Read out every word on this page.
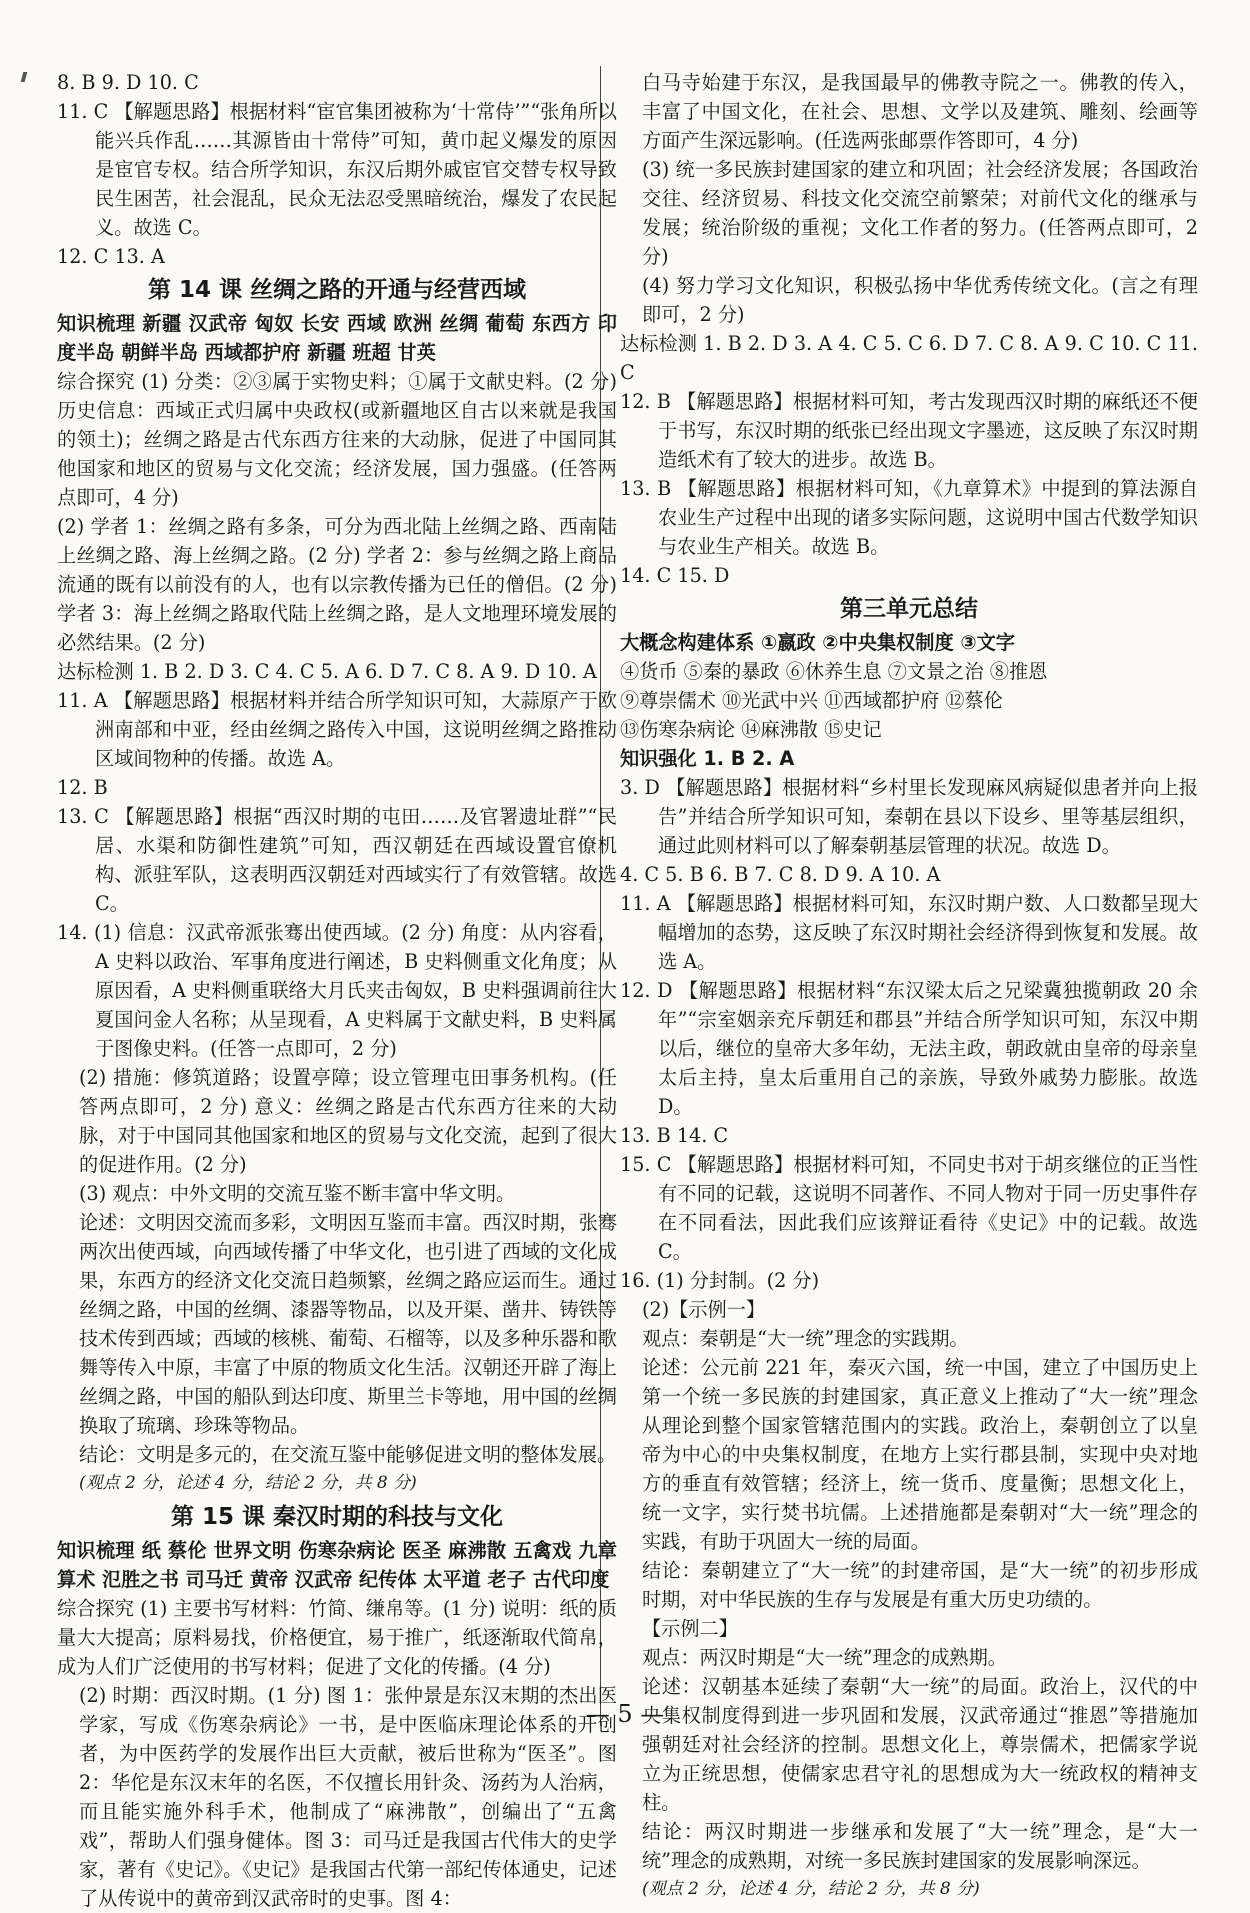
8. B 9. D 10. C

11. C 【解题思路】根据材料“宦官集团被称为‘十常侍’”“张角所以能兴兵作乱……其源皆由十常侍”可知，黄巾起义爆发的原因是宦官专权。结合所学知识，东汉后期外戚宦官交替专权导致民生困苦，社会混乱，民众无法忍受黑暗统治，爆发了农民起义。故选 C。

12. C 13. A

第 14 课 丝绸之路的开通与经营西域

知识梳理 新疆 汉武帝 匈奴 长安 西域 欧洲 丝绸 葡萄 东西方 印度半岛 朝鲜半岛 西域都护府 新疆 班超 甘英

综合探究 (1) 分类：②③属于实物史料；①属于文献史料。(2 分) 历史信息：西域正式归属中央政权(或新疆地区自古以来就是我国的领土)；丝绸之路是古代东西方往来的大动脉，促进了中国同其他国家和地区的贸易与文化交流；经济发展，国力强盛。(任答两点即可，4 分)

(2) 学者 1：丝绸之路有多条，可分为西北陆上丝绸之路、西南陆上丝绸之路、海上丝绸之路。(2 分) 学者 2：参与丝绸之路上商品流通的既有以前没有的人，也有以宗教传播为已任的僧侣。(2 分) 学者 3：海上丝绸之路取代陆上丝绸之路，是人文地理环境发展的必然结果。(2 分)

达标检测 1. B 2. D 3. C 4. C 5. A 6. D 7. C 8. A 9. D 10. A

11. A 【解题思路】根据材料并结合所学知识可知，大蒜原产于欧洲南部和中亚，经由丝绸之路传入中国，这说明丝绸之路推动区域间物种的传播。故选 A。

12. B

13. C 【解题思路】根据“西汉时期的屯田……及官署遗址群”“民居、水渠和防御性建筑”可知，西汉朝廷在西域设置官僚机构、派驻军队，这表明西汉朝廷对西域实行了有效管辖。故选 C。

14. (1) 信息：汉武帝派张骞出使西域。(2 分) 角度：从内容看，A 史料以政治、军事角度进行阐述，B 史料侧重文化角度；从原因看，A 史料侧重联络大月氏夹击匈奴，B 史料强调前往大夏国问金人名称；从呈现看，A 史料属于文献史料，B 史料属于图像史料。(任答一点即可，2 分)

(2) 措施：修筑道路；设置亭障；设立管理屯田事务机构。(任答两点即可，2 分) 意义：丝绸之路是古代东西方往来的大动脉，对于中国同其他国家和地区的贸易与文化交流，起到了很大的促进作用。(2 分)

(3) 观点：中外文明的交流互鉴不断丰富中华文明。

论述：文明因交流而多彩，文明因互鉴而丰富。西汉时期，张骞两次出使西域，向西域传播了中华文化，也引进了西域的文化成果，东西方的经济文化交流日趋频繁，丝绸之路应运而生。通过丝绸之路，中国的丝绸、漆器等物品，以及开渠、凿井、铸铁等技术传到西域；西域的核桃、葡萄、石榴等，以及多种乐器和歌舞等传入中原，丰富了中原的物质文化生活。汉朝还开辟了海上丝绸之路，中国的船队到达印度、斯里兰卡等地，用中国的丝绸换取了琉璃、珍珠等物品。

结论：文明是多元的，在交流互鉴中能够促进文明的整体发展。

(观点 2 分，论述 4 分，结论 2 分，共 8 分)

第 15 课 秦汉时期的科技与文化

知识梳理 纸 蔡伦 世界文明 伤寒杂病论 医圣 麻沸散 五禽戏 九章算术 氾胜之书 司马迁 黄帝 汉武帝 纪传体 太平道 老子 古代印度

综合探究 (1) 主要书写材料：竹简、缣帛等。(1 分) 说明：纸的质量大大提高；原料易找，价格便宜，易于推广，纸逐渐取代简帛，成为人们广泛使用的书写材料；促进了文化的传播。(4 分)

(2) 时期：西汉时期。(1 分) 图 1：张仲景是东汉末期的杰出医学家，写成《伤寒杂病论》一书，是中医临床理论体系的开创者，为中医药学的发展作出巨大贡献，被后世称为“医圣”。图 2：华佗是东汉末年的名医，不仅擅长用针灸、汤药为人治病，而且能实施外科手术，他制成了“麻沸散”，创编出了“五禽戏”，帮助人们强身健体。图 3：司马迁是我国古代伟大的史学家，著有《史记》。《史记》是我国古代第一部纪传体通史，记述了从传说中的黄帝到汉武帝时的史事。图 4：

白马寺始建于东汉，是我国最早的佛教寺院之一。佛教的传入，丰富了中国文化，在社会、思想、文学以及建筑、雕刻、绘画等方面产生深远影响。(任选两张邮票作答即可，4 分)

(3) 统一多民族封建国家的建立和巩固；社会经济发展；各国政治交往、经济贸易、科技文化交流空前繁荣；对前代文化的继承与发展；统治阶级的重视；文化工作者的努力。(任答两点即可，2 分)

(4) 努力学习文化知识，积极弘扬中华优秀传统文化。(言之有理即可，2 分)

达标检测 1. B 2. D 3. A 4. C 5. C 6. D 7. C 8. A 9. C 10. C 11. C

12. B 【解题思路】根据材料可知，考古发现西汉时期的麻纸还不便于书写，东汉时期的纸张已经出现文字墨迹，这反映了东汉时期造纸术有了较大的进步。故选 B。

13. B 【解题思路】根据材料可知，《九章算术》中提到的算法源自农业生产过程中出现的诸多实际问题，这说明中国古代数学知识与农业生产相关。故选 B。

14. C 15. D

第三单元总结

大概念构建体系 ①嬴政 ②中央集权制度 ③文字

④货币 ⑤秦的暴政 ⑥休养生息 ⑦文景之治 ⑧推恩

⑨尊崇儒术 ⑩光武中兴 ⑪西域都护府 ⑫蔡伦

⑬伤寒杂病论 ⑭麻沸散 ⑮史记

知识强化 1. B 2. A

3. D 【解题思路】根据材料“乡村里长发现麻风病疑似患者并向上报告”并结合所学知识可知，秦朝在县以下设乡、里等基层组织，通过此则材料可以了解秦朝基层管理的状况。故选 D。

4. C 5. B 6. B 7. C 8. D 9. A 10. A

11. A 【解题思路】根据材料可知，东汉时期户数、人口数都呈现大幅增加的态势，这反映了东汉时期社会经济得到恢复和发展。故选 A。

12. D 【解题思路】根据材料“东汉梁太后之兄梁冀独揽朝政 20 余年”“宗室姻亲充斥朝廷和郡县”并结合所学知识可知，东汉中期以后，继位的皇帝大多年幼，无法主政，朝政就由皇帝的母亲皇太后主持，皇太后重用自己的亲族，导致外戚势力膨胀。故选 D。

13. B 14. C

15. C 【解题思路】根据材料可知，不同史书对于胡亥继位的正当性有不同的记载，这说明不同著作、不同人物对于同一历史事件存在不同看法，因此我们应该辩证看待《史记》中的记载。故选 C。

16. (1) 分封制。(2 分)

(2)【示例一】

观点：秦朝是“大一统”理念的实践期。

论述：公元前 221 年，秦灭六国，统一中国，建立了中国历史上第一个统一多民族的封建国家，真正意义上推动了“大一统”理念从理论到整个国家管辖范围内的实践。政治上，秦朝创立了以皇帝为中心的中央集权制度，在地方上实行郡县制，实现中央对地方的垂直有效管辖；经济上，统一货币、度量衡；思想文化上，统一文字，实行焚书坑儒。上述措施都是秦朝对“大一统”理念的实践，有助于巩固大一统的局面。

结论：秦朝建立了“大一统”的封建帝国，是“大一统”的初步形成时期，对中华民族的生存与发展是有重大历史功绩的。

【示例二】

观点：两汉时期是“大一统”理念的成熟期。

论述：汉朝基本延续了秦朝“大一统”的局面。政治上，汉代的中央集权制度得到进一步巩固和发展，汉武帝通过“推恩”等措施加强朝廷对社会经济的控制。思想文化上，尊崇儒术，把儒家学说立为正统思想，使儒家忠君守礼的思想成为大一统政权的精神支柱。

结论：两汉时期进一步继承和发展了“大一统”理念，是“大一统”理念的成熟期，对统一多民族封建国家的发展影响深远。

(观点 2 分，论述 4 分，结论 2 分，共 8 分)

— 5 —
